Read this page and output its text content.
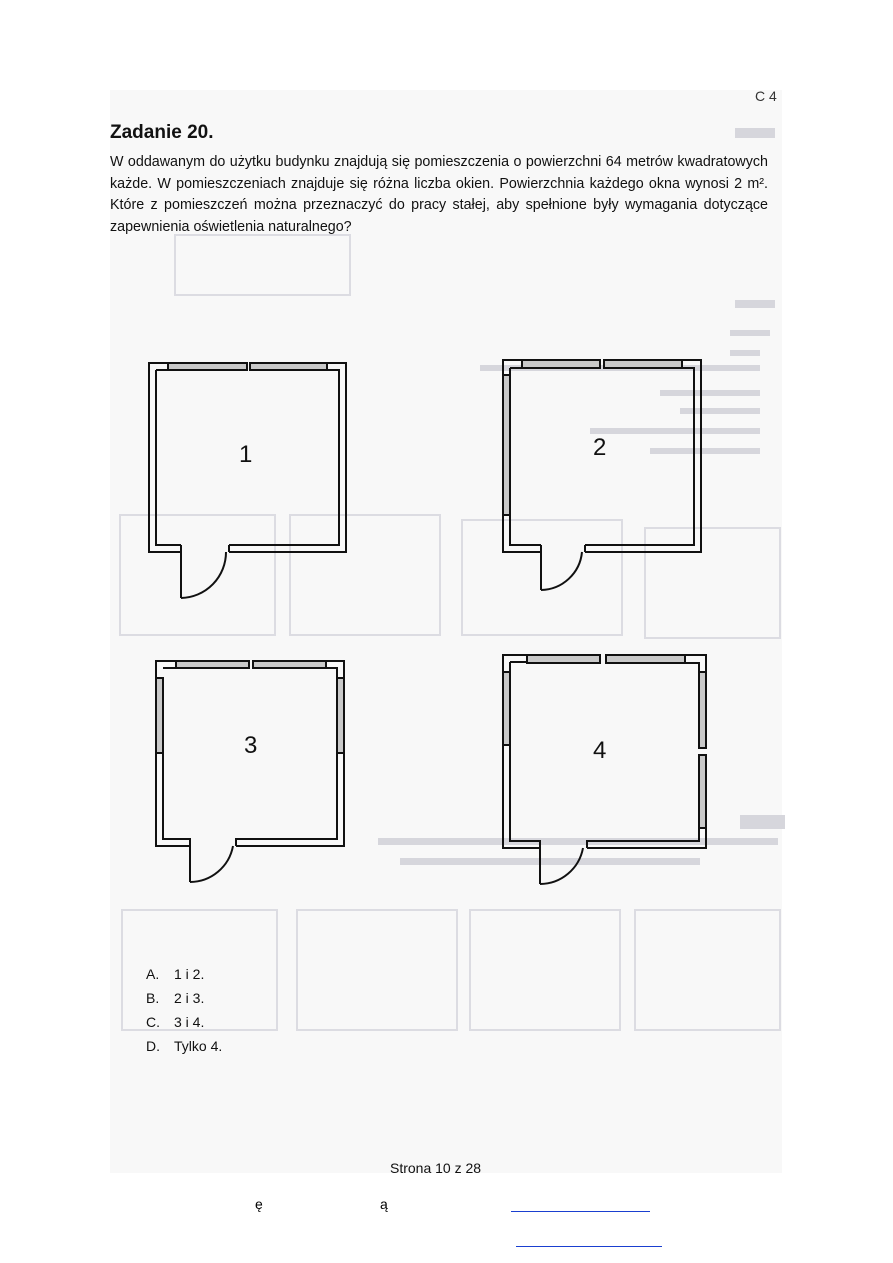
C 4
Zadanie 20.

W oddawanym do użytku budynku znajdują się pomieszczenia o powierzchni 64 metrów kwadratowych każde. W pomieszczeniach znajduje się różna liczba okien. Powierzchnia każdego okna wynosi 2 m². Które z pomieszczeń można przeznaczyć do pracy stałej, aby spełnione były wymagania dotyczące zapewnienia oświetlenia naturalnego?

1	2
3	4
A. 1 i 2.
B. 2 i 3.
C. 3 i 4.
D. Tylko 4.
Strona 10 z 28
ę	ą
